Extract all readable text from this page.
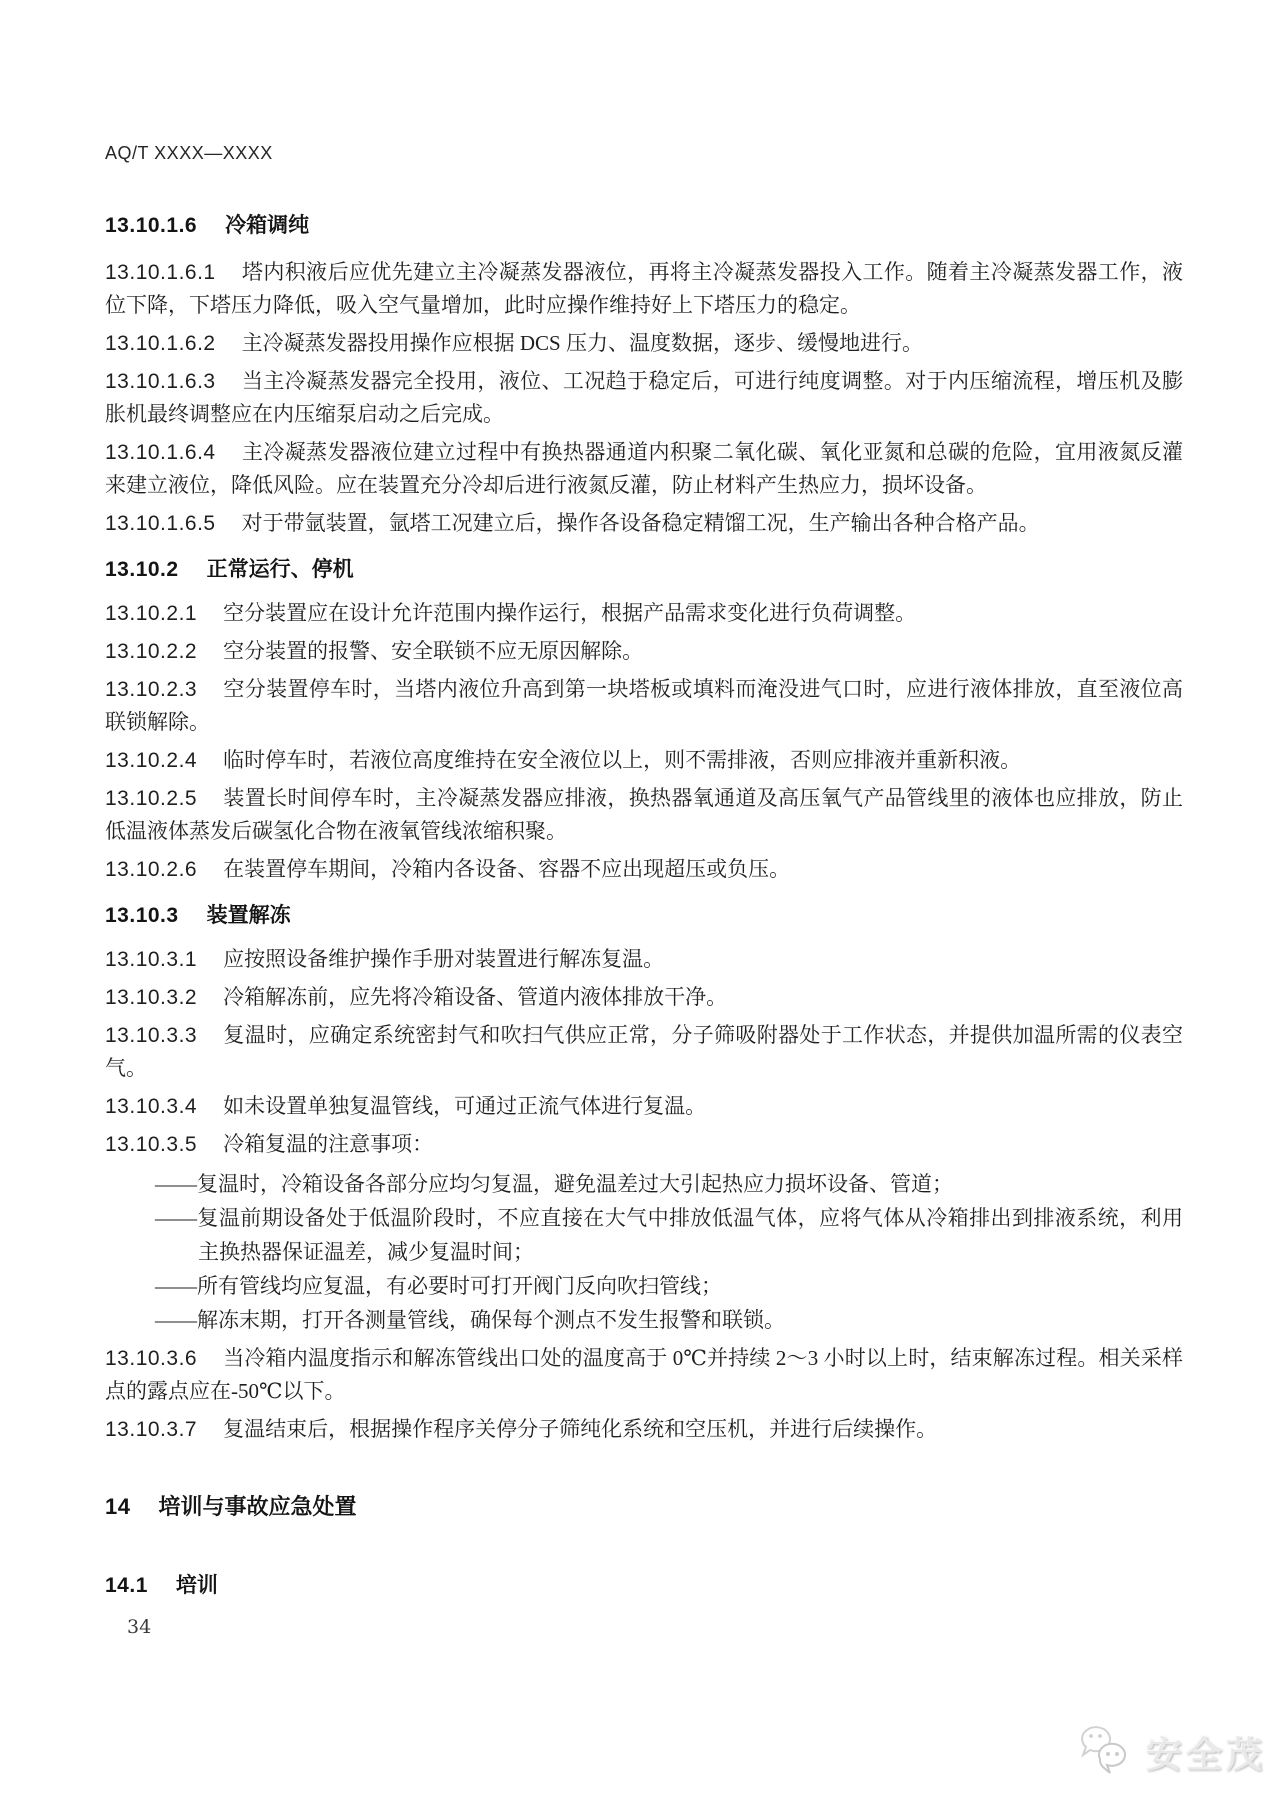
AQ/T XXXX—XXXX
13.10.1.6 冷箱调纯

13.10.1.6.1 塔内积液后应优先建立主冷凝蒸发器液位，再将主冷凝蒸发器投入工作。随着主冷凝蒸发器工作，液位下降，下塔压力降低，吸入空气量增加，此时应操作维持好上下塔压力的稳定。

13.10.1.6.2 主冷凝蒸发器投用操作应根据 DCS 压力、温度数据，逐步、缓慢地进行。

13.10.1.6.3 当主冷凝蒸发器完全投用，液位、工况趋于稳定后，可进行纯度调整。对于内压缩流程，增压机及膨胀机最终调整应在内压缩泵启动之后完成。

13.10.1.6.4 主冷凝蒸发器液位建立过程中有换热器通道内积聚二氧化碳、氧化亚氮和总碳的危险，宜用液氮反灌来建立液位，降低风险。应在装置充分冷却后进行液氮反灌，防止材料产生热应力，损坏设备。

13.10.1.6.5 对于带氩装置，氩塔工况建立后，操作各设备稳定精馏工况，生产输出各种合格产品。

13.10.2 正常运行、停机

13.10.2.1 空分装置应在设计允许范围内操作运行，根据产品需求变化进行负荷调整。

13.10.2.2 空分装置的报警、安全联锁不应无原因解除。

13.10.2.3 空分装置停车时，当塔内液位升高到第一块塔板或填料而淹没进气口时，应进行液体排放，直至液位高联锁解除。

13.10.2.4 临时停车时，若液位高度维持在安全液位以上，则不需排液，否则应排液并重新积液。

13.10.2.5 装置长时间停车时，主冷凝蒸发器应排液，换热器氧通道及高压氧气产品管线里的液体也应排放，防止低温液体蒸发后碳氢化合物在液氧管线浓缩积聚。

13.10.2.6 在装置停车期间，冷箱内各设备、容器不应出现超压或负压。

13.10.3 装置解冻

13.10.3.1 应按照设备维护操作手册对装置进行解冻复温。

13.10.3.2 冷箱解冻前，应先将冷箱设备、管道内液体排放干净。

13.10.3.3 复温时，应确定系统密封气和吹扫气供应正常，分子筛吸附器处于工作状态，并提供加温所需的仪表空气。

13.10.3.4 如未设置单独复温管线，可通过正流气体进行复温。

13.10.3.5 冷箱复温的注意事项：

——复温时，冷箱设备各部分应均匀复温，避免温差过大引起热应力损坏设备、管道；
——复温前期设备处于低温阶段时，不应直接在大气中排放低温气体，应将气体从冷箱排出到排液系统，利用主换热器保证温差，减少复温时间；
——所有管线均应复温，有必要时可打开阀门反向吹扫管线；
——解冻末期，打开各测量管线，确保每个测点不发生报警和联锁。

13.10.3.6 当冷箱内温度指示和解冻管线出口处的温度高于 0℃并持续 2～3 小时以上时，结束解冻过程。相关采样点的露点应在-50℃以下。

13.10.3.7 复温结束后，根据操作程序关停分子筛纯化系统和空压机，并进行后续操作。

14 培训与事故应急处置
14.1 培训
34
安全茂
